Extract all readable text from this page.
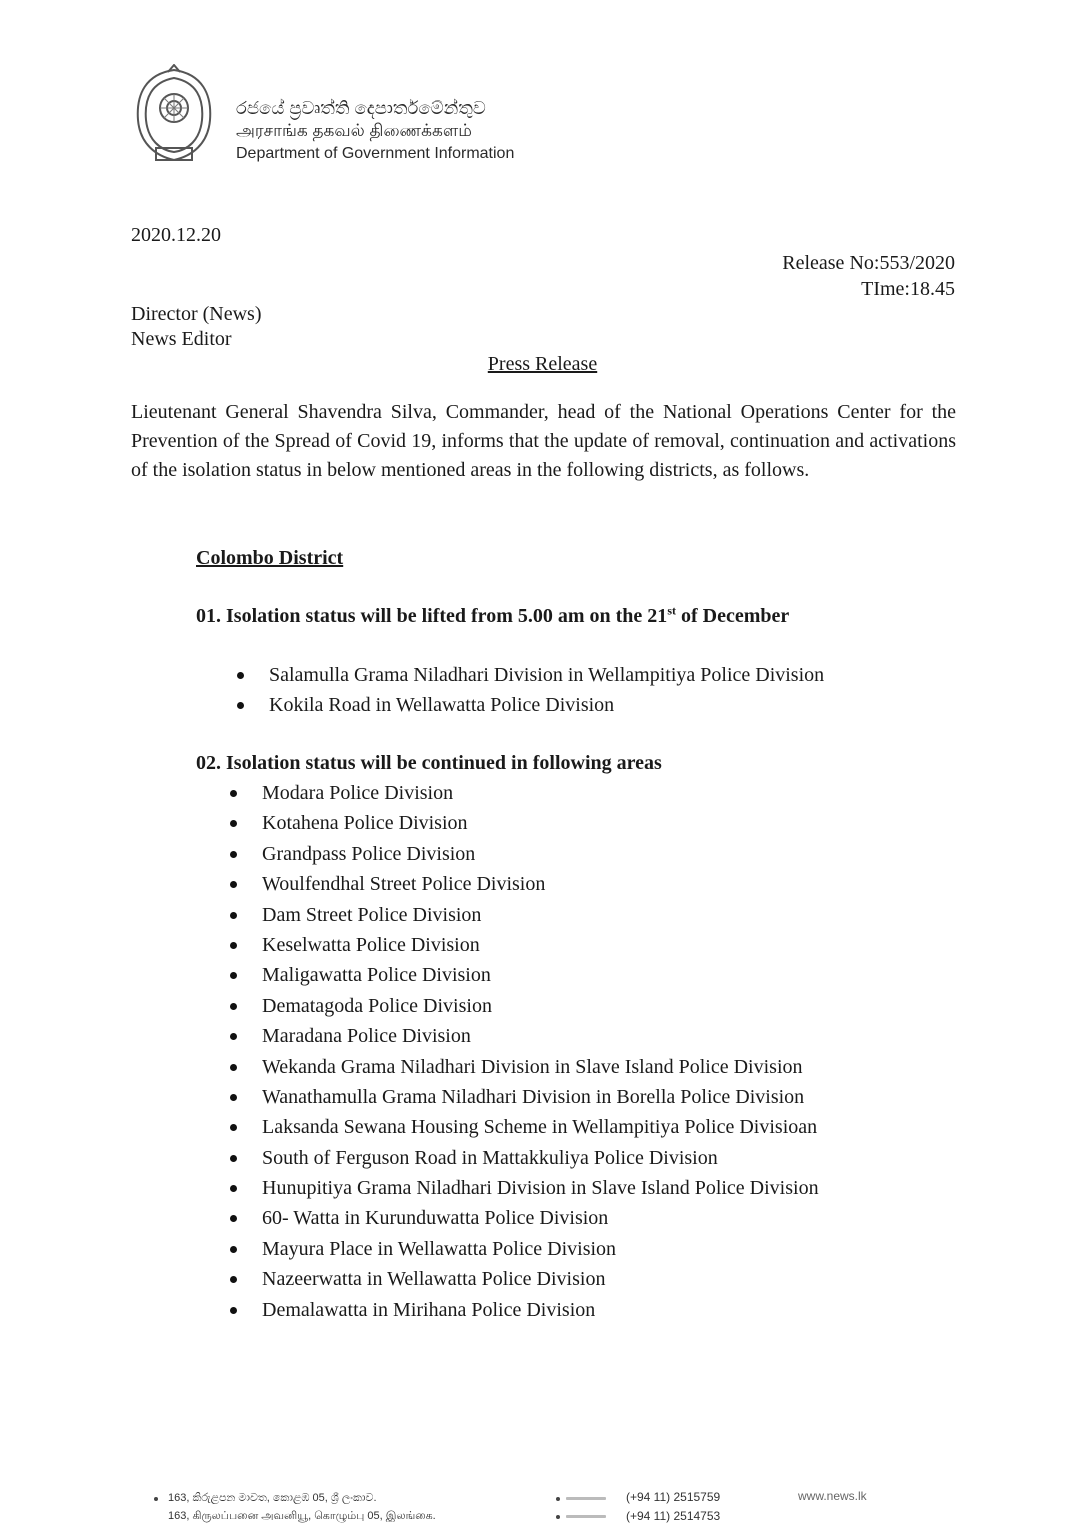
රජයේ ප්‍රවෘත්ති දෙපාර්තමේන්තුව
அரசாங்க தகவல் திணைக்களம்
Department of Government Information
2020.12.20
Release No:553/2020
TIme:18.45
Director (News)
News Editor
Press Release
Lieutenant General Shavendra Silva, Commander, head of the National Operations Center for the Prevention of the Spread of Covid 19, informs that the update of removal, continuation and activations of the isolation status in below mentioned areas in the following districts, as follows.
Colombo District
01. Isolation status will be lifted from 5.00 am on the 21st of December
Salamulla Grama Niladhari Division in Wellampitiya Police Division
Kokila Road in Wellawatta Police Division
02. Isolation status will be continued in following areas
Modara Police Division
Kotahena Police Division
Grandpass Police Division
Woulfendhal Street Police Division
Dam Street Police Division
Keselwatta Police Division
Maligawatta Police Division
Dematagoda Police Division
Maradana Police Division
Wekanda Grama Niladhari Division in Slave Island Police Division
Wanathamulla Grama Niladhari Division in Borella Police Division
Laksanda Sewana Housing Scheme in Wellampitiya Police Divisioan
South of Ferguson Road in Mattakkuliya Police Division
Hunupitiya Grama Niladhari Division in Slave Island Police Division
60- Watta in Kurunduwatta Police Division
Mayura Place in Wellawatta Police Division
Nazeerwatta in Wellawatta Police Division
Demalawatta in Mirihana Police Division
163, කිරුළපන මාවත, කොළඹ 05, ශ්‍රී ලංකාව.
163, கிருலப்பனை அவனியூ, கொழும்பு 05, இலங்கை.
(+94 11) 2515759
(+94 11) 2514753
www.news.lk
